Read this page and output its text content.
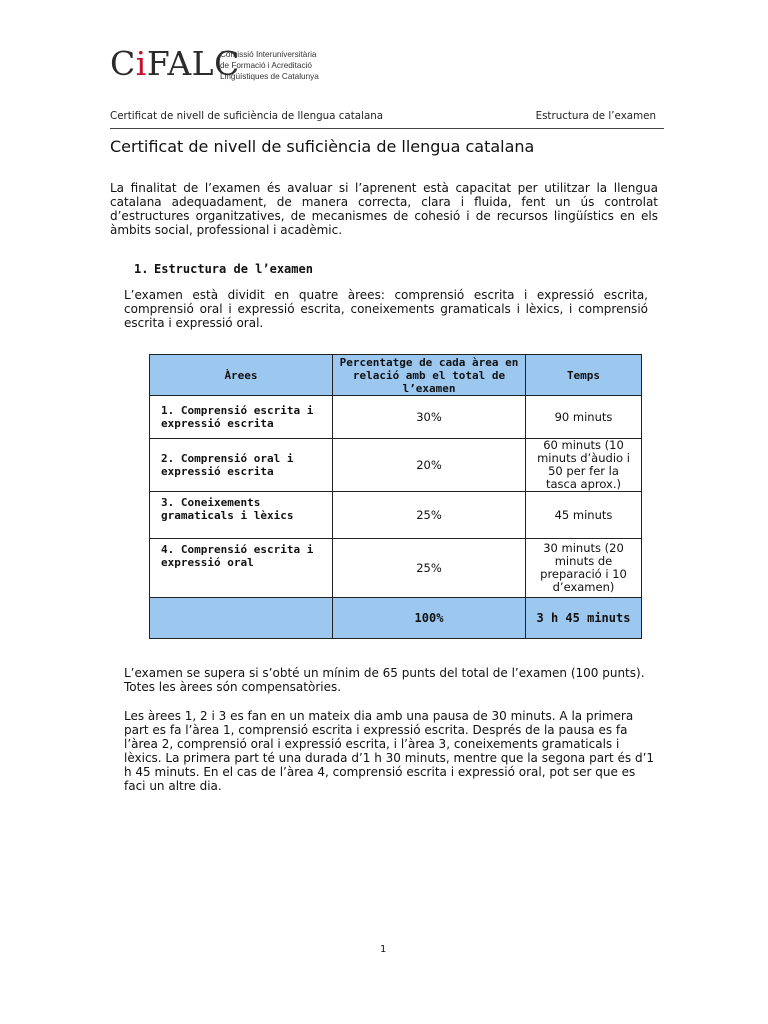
CiFALC
Comissió Interuniversitària
de Formació i Acreditació
Lingüístiques de Catalunya
Certificat de nivell de suficiència de llengua catalana	Estructura de l’examen
Certificat de nivell de suficiència de llengua catalana
La finalitat de l’examen és avaluar si l’aprenent està capacitat per utilitzar la llengua catalana adequadament, de manera correcta, clara i fluida, fent un ús controlat d’estructures organitzatives, de mecanismes de cohesió i de recursos lingüístics en els àmbits social, professional i acadèmic.
1. Estructura de l’examen
L’examen està dividit en quatre àrees: comprensió escrita i expressió escrita, comprensió oral i expressió escrita, coneixements gramaticals i lèxics, i comprensió escrita i expressió oral.
Àrees	Percentatge de cada àrea en relació amb el total de l’examen	Temps
1. Comprensió escrita i expressió escrita	30%	90 minuts
2. Comprensió oral i expressió escrita	20%	60 minuts (10 minuts d’àudio i 50 per fer la tasca aprox.)
3. Coneixements gramaticals i lèxics	25%	45 minuts
4. Comprensió escrita i expressió oral	25%	30 minuts (20 minuts de preparació i 10 d’examen)
	100%	3 h 45 minuts
L’examen se supera si s’obté un mínim de 65 punts del total de l’examen (100 punts). Totes les àrees són compensatòries.
Les àrees 1, 2 i 3 es fan en un mateix dia amb una pausa de 30 minuts. A la primera part es fa l’àrea 1, comprensió escrita i expressió escrita. Després de la pausa es fa l’àrea 2, comprensió oral i expressió escrita, i l’àrea 3, coneixements gramaticals i lèxics. La primera part té una durada d’1 h 30 minuts, mentre que la segona part és d’1 h 45 minuts. En el cas de l’àrea 4, comprensió escrita i expressió oral, pot ser que es faci un altre dia.
1
